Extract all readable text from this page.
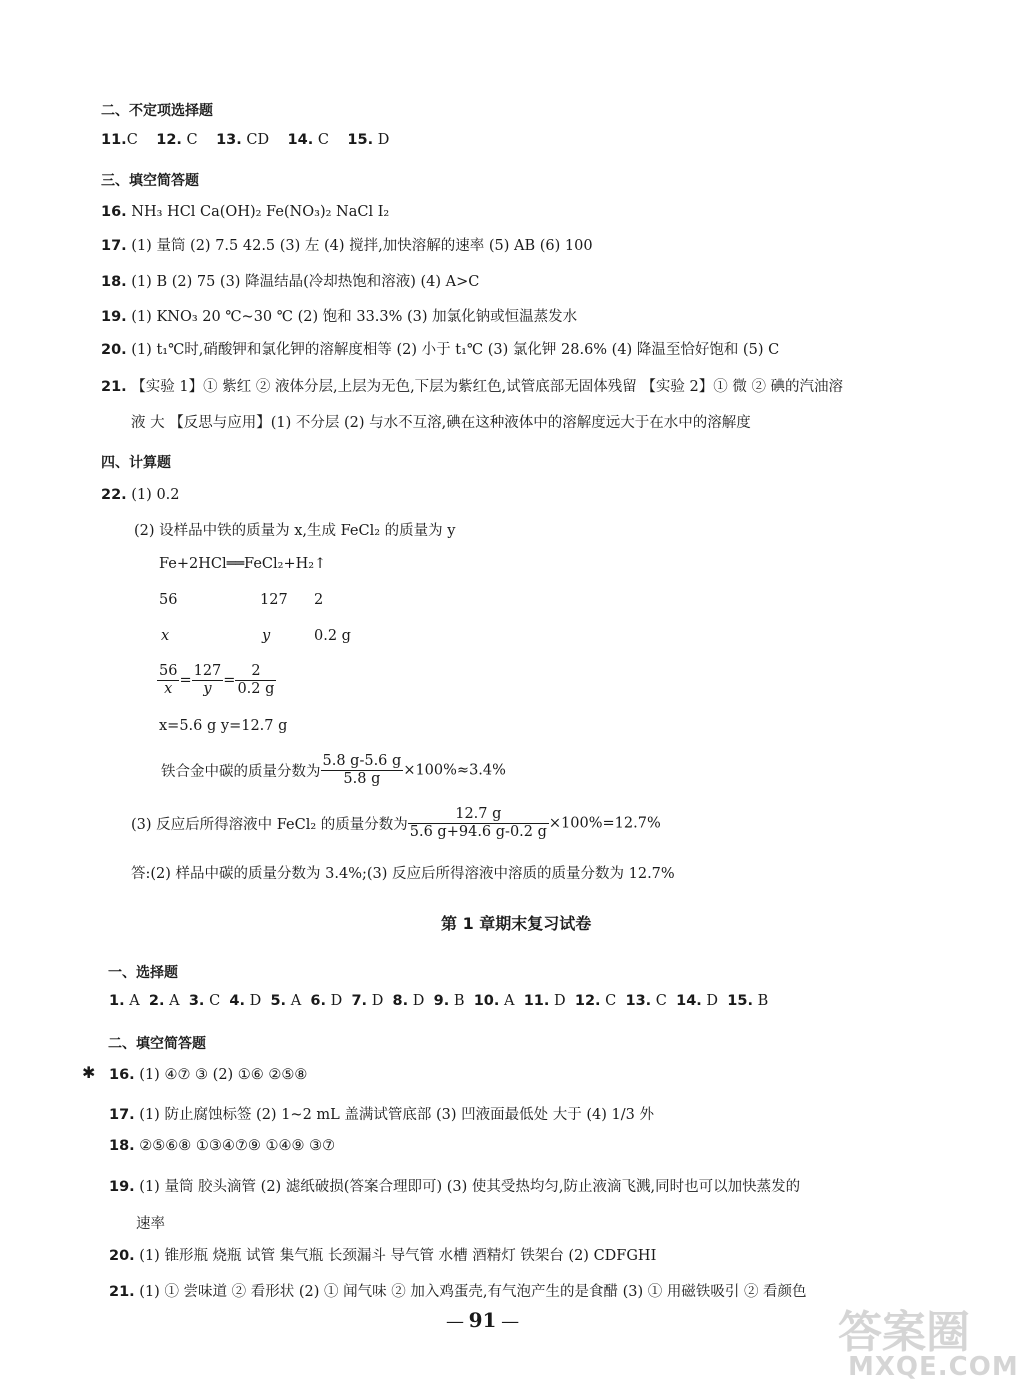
二、不定项选择题
11.C 12. C 13. CD 14. C 15. D
三、填空简答题
16. NH₃ HCl Ca(OH)₂ Fe(NO₃)₂ NaCl I₂
17. (1) 量筒 (2) 7.5 42.5 (3) 左 (4) 搅拌,加快溶解的速率 (5) AB (6) 100
18. (1) B (2) 75 (3) 降温结晶(冷却热饱和溶液) (4) A>C
19. (1) KNO₃ 20 ℃~30 ℃ (2) 饱和 33.3% (3) 加氯化钠或恒温蒸发水
20. (1) t₁℃时,硝酸钾和氯化钾的溶解度相等 (2) 小于 t₁℃ (3) 氯化钾 28.6% (4) 降温至恰好饱和 (5) C
21. 【实验 1】① 紫红 ② 液体分层,上层为无色,下层为紫红色,试管底部无固体残留 【实验 2】① 微 ② 碘的汽油溶
液 大 【反思与应用】(1) 不分层 (2) 与水不互溶,碘在这种液体中的溶解度远大于在水中的溶解度
四、计算题
22. (1) 0.2
(2) 设样品中铁的质量为 x,生成 FeCl₂ 的质量为 y
Fe+2HCl══FeCl₂+H₂↑
56	127 2
x	y	0.2 g
$\frac{56}{x} = \frac{127}{y} = \frac{2}{0.2 g}$
x=5.6 g y=12.7 g
铁合金中碳的质量分数为 $\frac{5.8 g-5.6 g}{5.8 g} \times 100\%\approx 3.4\%$
(3) 反应后所得溶液中 FeCl₂ 的质量分数为 $\frac{12.7 g}{5.6 g+94.6 g-0.2 g} \times 100\%=12.7\%$
答:(2) 样品中碳的质量分数为 3.4%;(3) 反应后所得溶液中溶质的质量分数为 12.7%
第 1 章期末复习试卷
一、选择题
1. A 2. A 3. C 4. D 5. A 6. D 7. D 8. D 9. B 10. A 11. D 12. C 13. C 14. D 15. B
二、填空简答题
✱ 16. (1) ④⑦ ③ (2) ①⑥ ②⑤⑧
17. (1) 防止腐蚀标签 (2) 1~2 mL 盖满试管底部 (3) 凹液面最低处 大于 (4) 1/3 外
18. ②⑤⑥⑧ ①③④⑦⑨ ①④⑨ ③⑦
19. (1) 量筒 胶头滴管 (2) 滤纸破损(答案合理即可) (3) 使其受热均匀,防止液滴飞溅,同时也可以加快蒸发的
速率
20. (1) 锥形瓶 烧瓶 试管 集气瓶 长颈漏斗 导气管 水槽 酒精灯 铁架台 (2) CDFGHI
21. (1) ① 尝味道 ② 看形状 (2) ① 闻气味 ② 加入鸡蛋壳,有气泡产生的是食醋 (3) ① 用磁铁吸引 ② 看颜色
— 91 —	答案圈
MXQE.COM
